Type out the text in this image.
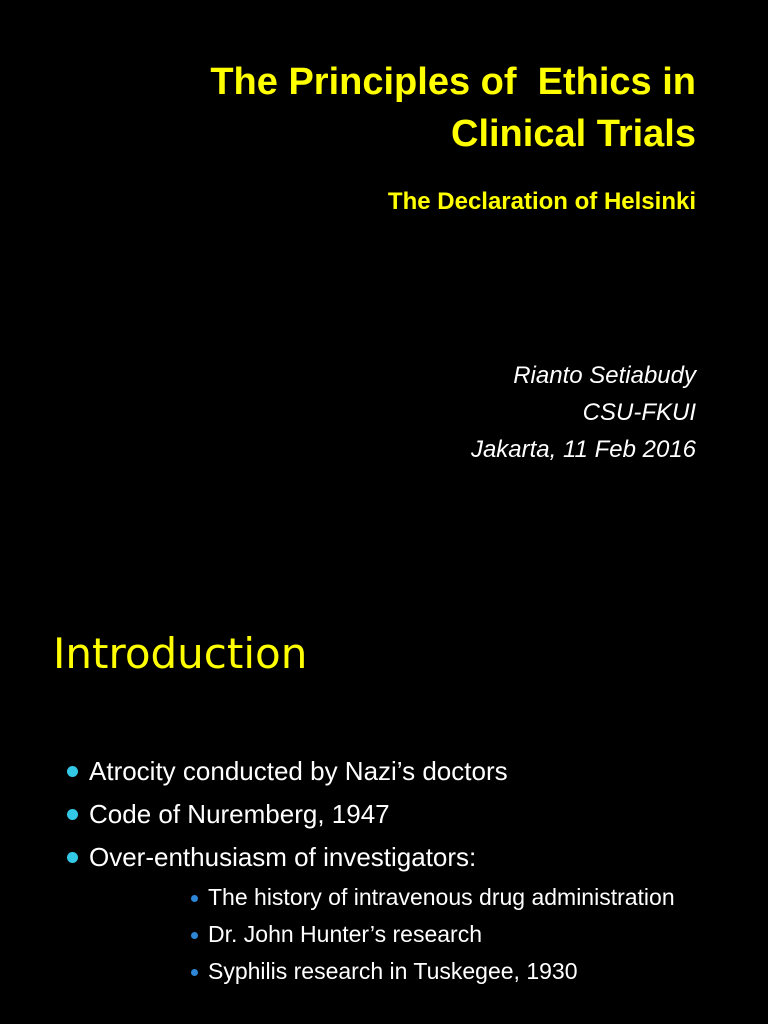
The Principles of  Ethics in
Clinical Trials

The Declaration of Helsinki

Rianto Setiabudy
CSU-FKUI
Jakarta, 11 Feb 2016
Introduction
Atrocity conducted by Nazi’s doctors
Code of Nuremberg, 1947
Over-enthusiasm of investigators:
The history of intravenous drug administration
Dr. John Hunter’s research
Syphilis research in Tuskegee, 1930
